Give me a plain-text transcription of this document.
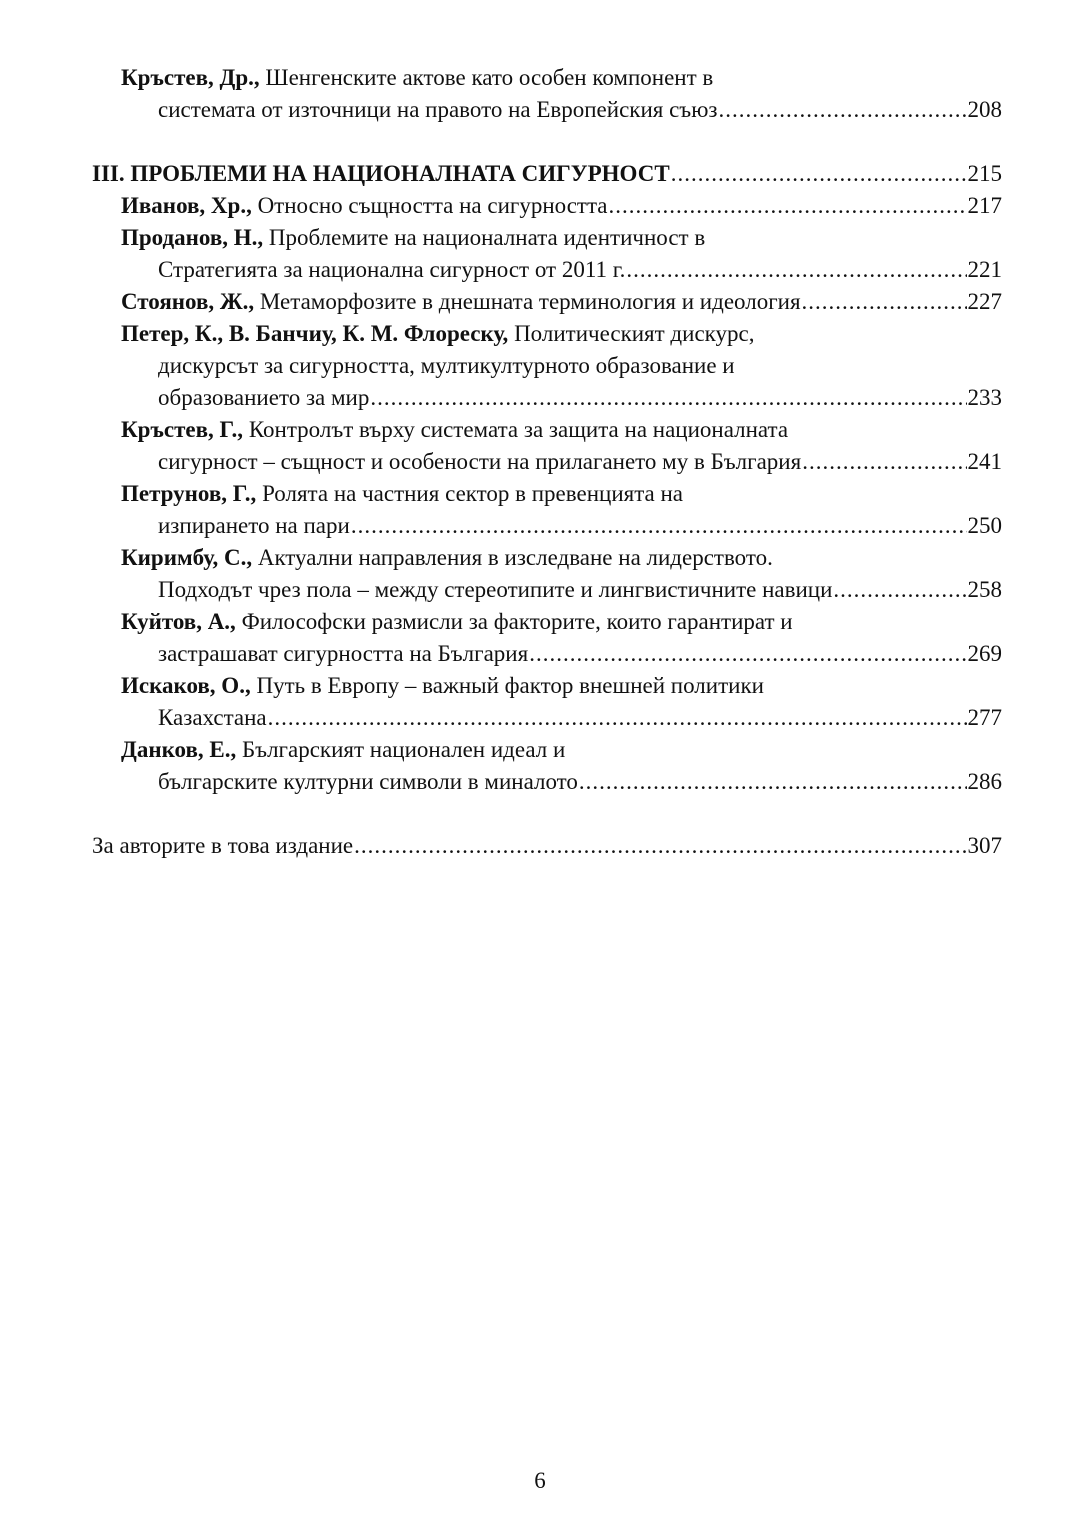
Кръстев, Др., Шенгенските актове като особен компонент в
системата от източници на правото на Европейския съюз .....	208
III. ПРОБЛЕМИ НА НАЦИОНАЛНАТА СИГУРНОСТ .....	215
Иванов, Хр., Относно същността на сигурността .....	217
Проданов, Н., Проблемите на националната идентичност в
Стратегията за национална сигурност от 2011 г. .....	221
Стоянов, Ж., Метаморфозите в днешната терминология и идеология .....	227
Петер, К., В. Банчиу, К. М. Флореску, Политическият дискурс,
дискурсът за сигурността, мултикултурното образование и
образованието за мир .....	233
Кръстев, Г., Контролът върху системата за защита на националната
сигурност – същност и особености на прилагането му в България .....	241
Петрунов, Г., Ролята на частния сектор в превенцията на
изпирането на пари .....	250
Киримбу, С., Актуални направления в изследване на лидерството.
Подходът чрез пола – между стереотипите и лингвистичните навици .....	258
Куйтов, А., Философски размисли за факторите, които гарантират и
застрашават сигурността на България .....	269
Искаков, О., Путь в Европу – важный фактор внешней политики
Казахстана .....	277
Данков, Е., Българският национален идеал и
българските културни символи в миналото .....	286
За авторите в това издание .....	307
6
